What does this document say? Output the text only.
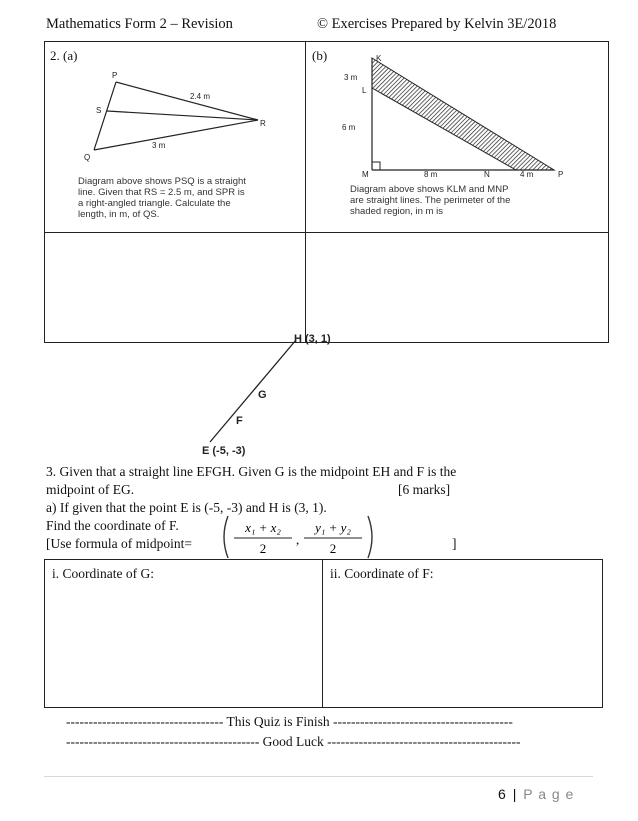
Mathematics Form 2 – Revision	© Exercises Prepared by Kelvin 3E/2018
2. (a)	(b)
P
S
Q
R
2.4 m
3 m
Diagram above shows PSQ is a straight
line. Given that RS = 2.5 m, and SPR is
a right-angled triangle. Calculate the
length, in m, of QS.
K
L
M	N	P
3 m
6 m
8 m	4 m
Diagram above shows KLM and MNP
are straight lines. The perimeter of the
shaded region, in m is
H (3, 1)
G
F
E (-5, -3)
3. Given that a straight line EFGH. Given G is the midpoint EH and F is the
midpoint of EG.	[6 marks]
a) If given that the point E is (-5, -3) and H is (3, 1).
Find the coordinate of F.
[Use formula of midpoint=
x₁ + x₂
2
,
y₁ + y₂
2	]
i. Coordinate of G:	ii. Coordinate of F:
----------------------------------- This Quiz is Finish ----------------------------------------
------------------------------------------- Good Luck -------------------------------------------
6 | P a g e
